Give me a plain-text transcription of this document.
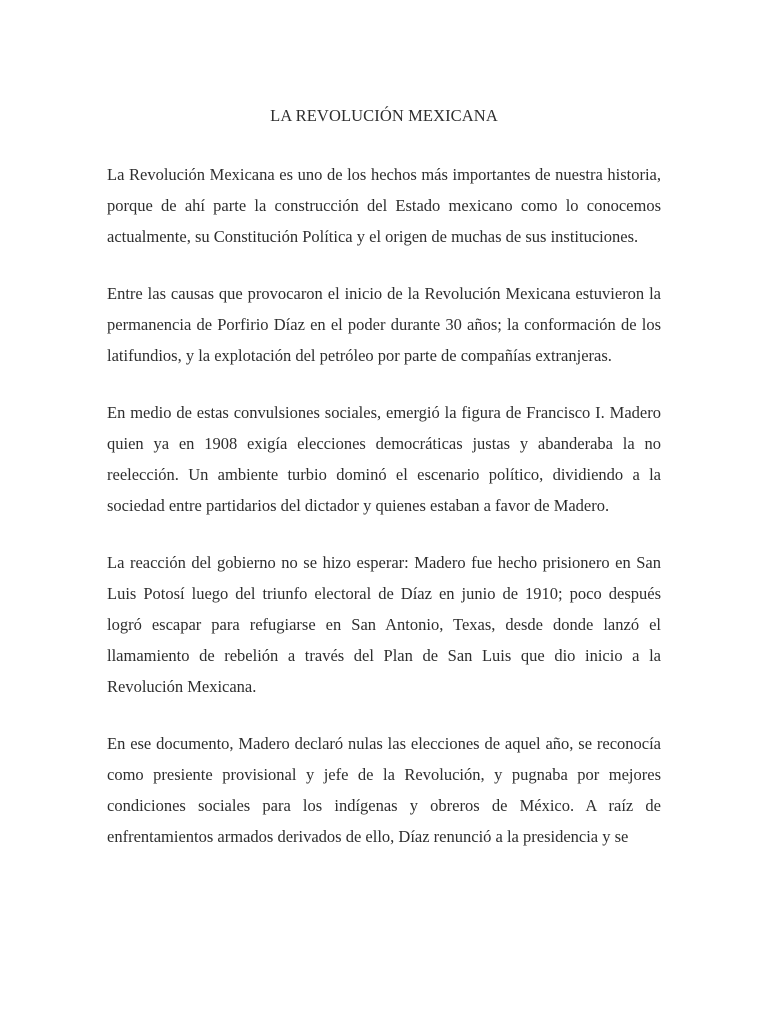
LA REVOLUCIÓN MEXICANA

La Revolución Mexicana es uno de los hechos más importantes de nuestra historia, porque de ahí parte la construcción del Estado mexicano como lo conocemos actualmente, su Constitución Política y el origen de muchas de sus instituciones.

Entre las causas que provocaron el inicio de la Revolución Mexicana estuvieron la permanencia de Porfirio Díaz en el poder durante 30 años; la conformación de los latifundios, y la explotación del petróleo por parte de compañías extranjeras.

En medio de estas convulsiones sociales, emergió la figura de Francisco I. Madero quien ya en 1908 exigía elecciones democráticas justas y abanderaba la no reelección. Un ambiente turbio dominó el escenario político, dividiendo a la sociedad entre partidarios del dictador y quienes estaban a favor de Madero.

La reacción del gobierno no se hizo esperar: Madero fue hecho prisionero en San Luis Potosí luego del triunfo electoral de Díaz en junio de 1910; poco después logró escapar para refugiarse en San Antonio, Texas, desde donde lanzó el llamamiento de rebelión a través del Plan de San Luis que dio inicio a la Revolución Mexicana.

En ese documento, Madero declaró nulas las elecciones de aquel año, se reconocía como presiente provisional y jefe de la Revolución, y pugnaba por mejores condiciones sociales para los indígenas y obreros de México. A raíz de enfrentamientos armados derivados de ello, Díaz renunció a la presidencia y se
